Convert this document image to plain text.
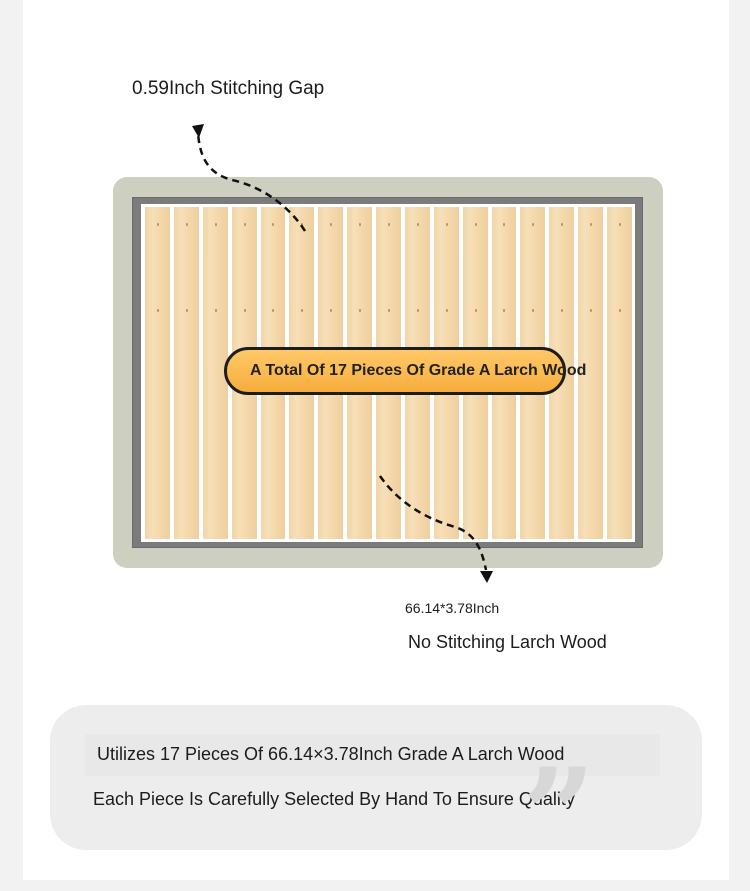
0.59Inch Stitching Gap
A Total Of 17 Pieces Of Grade A Larch Wood
66.14*3.78Inch
No Stitching Larch Wood
Utilizes 17 Pieces Of 66.14×3.78Inch Grade A Larch Wood
Each Piece Is Carefully Selected By Hand To Ensure Quality
”
